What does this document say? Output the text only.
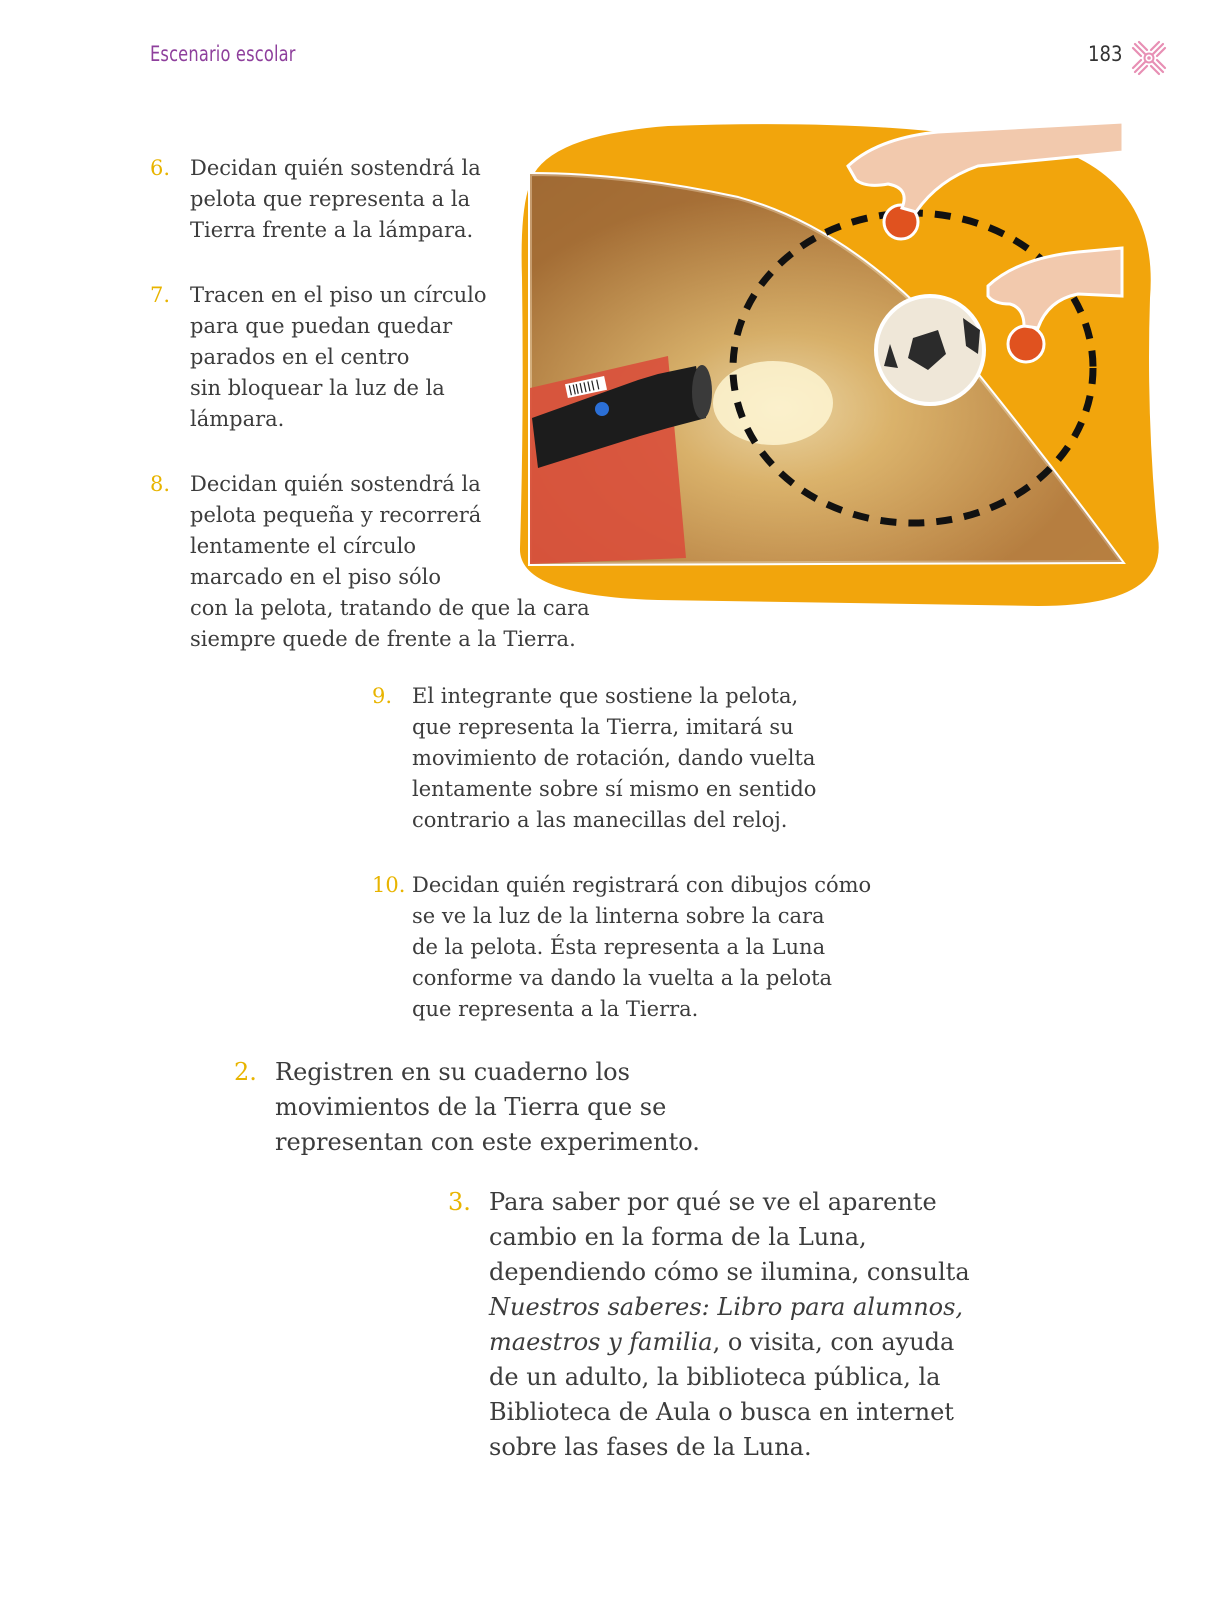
Escenario escolar	183
6. Decidan quién sostendrá la
pelota que representa a la
Tierra frente a la lámpara.
7. Tracen en el piso un círculo
para que puedan quedar
parados en el centro
sin bloquear la luz de la
lámpara.
8. Decidan quién sostendrá la
pelota pequeña y recorrerá
lentamente el círculo
marcado en el piso sólo
con la pelota, tratando de que la cara
siempre quede de frente a la Tierra.
9. El integrante que sostiene la pelota,
que representa la Tierra, imitará su
movimiento de rotación, dando vuelta
lentamente sobre sí mismo en sentido
contrario a las manecillas del reloj.
10. Decidan quién registrará con dibujos cómo
se ve la luz de la linterna sobre la cara
de la pelota. Ésta representa a la Luna
conforme va dando la vuelta a la pelota
que representa a la Tierra.
2. Registren en su cuaderno los
movimientos de la Tierra que se
representan con este experimento.
3. Para saber por qué se ve el aparente
cambio en la forma de la Luna,
dependiendo cómo se ilumina, consulta
Nuestros saberes: Libro para alumnos,
maestros y familia, o visita, con ayuda
de un adulto, la biblioteca pública, la
Biblioteca de Aula o busca en internet
sobre las fases de la Luna.
